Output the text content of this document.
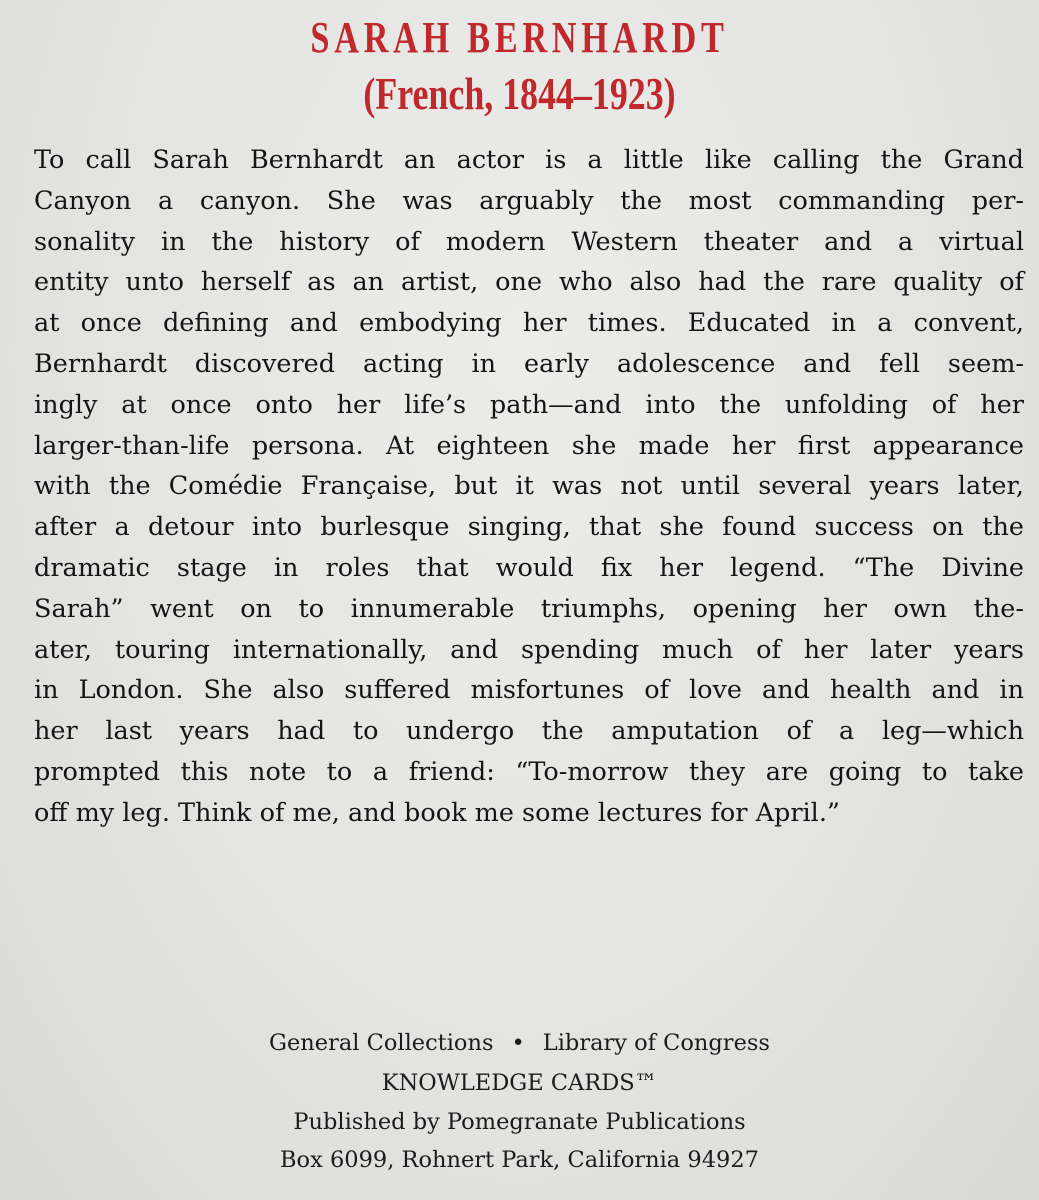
SARAH BERNHARDT
(French, 1844–1923)
To call Sarah Bernhardt an actor is a little like calling the Grand
Canyon a canyon. She was arguably the most commanding per-
sonality in the history of modern Western theater and a virtual
entity unto herself as an artist, one who also had the rare quality of
at once defining and embodying her times. Educated in a convent,
Bernhardt discovered acting in early adolescence and fell seem-
ingly at once onto her life’s path—and into the unfolding of her
larger-than-life persona. At eighteen she made her first appearance
with the Comédie Française, but it was not until several years later,
after a detour into burlesque singing, that she found success on the
dramatic stage in roles that would fix her legend. “The Divine
Sarah” went on to innumerable triumphs, opening her own the-
ater, touring internationally, and spending much of her later years
in London. She also suffered misfortunes of love and health and in
her last years had to undergo the amputation of a leg—which
prompted this note to a friend: “To-morrow they are going to take
off my leg. Think of me, and book me some lectures for April.”
General Collections • Library of Congress
KNOWLEDGE CARDS™
Published by Pomegranate Publications
Box 6099, Rohnert Park, California 94927
